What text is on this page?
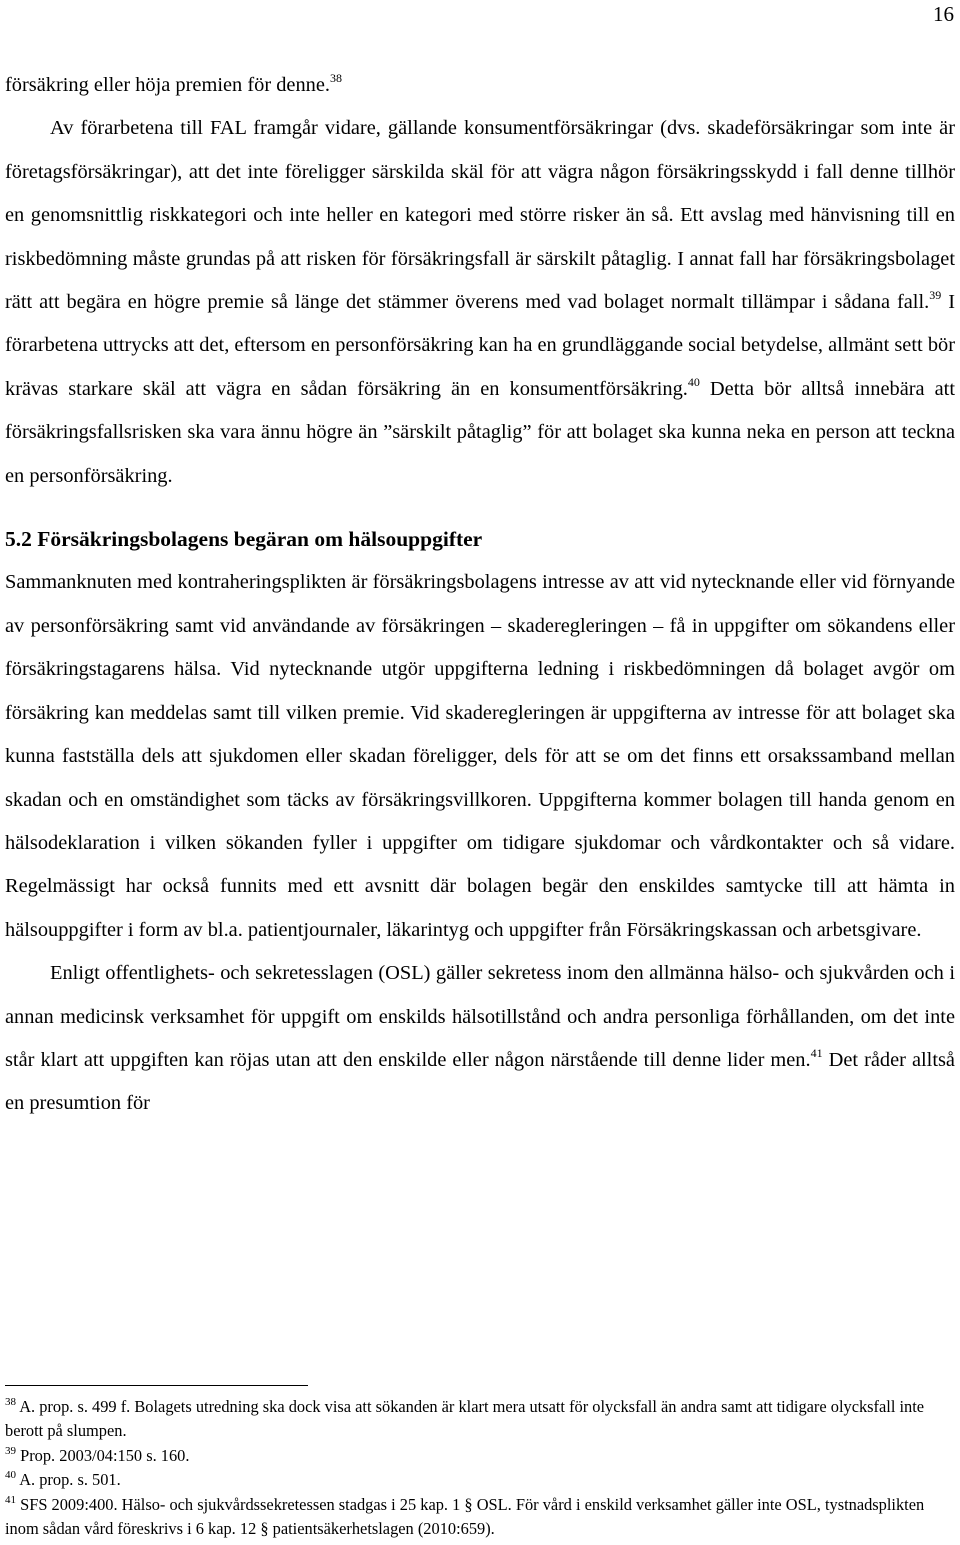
16

försäkring eller höja premien för denne.$^{38}$

Av förarbetena till FAL framgår vidare, gällande konsumentförsäkringar (dvs. skadeförsäkringar som inte är företagsförsäkringar), att det inte föreligger särskilda skäl för att vägra någon försäkringsskydd i fall denne tillhör en genomsnittlig riskkategori och inte heller en kategori med större risker än så. Ett avslag med hänvisning till en riskbedömning måste grundas på att risken för försäkringsfall är särskilt påtaglig. I annat fall har försäkringsbolaget rätt att begära en högre premie så länge det stämmer överens med vad bolaget normalt tillämpar i sådana fall.$^{39}$ I förarbetena uttrycks att det, eftersom en personförsäkring kan ha en grundläggande social betydelse, allmänt sett bör krävas starkare skäl att vägra en sådan försäkring än en konsumentförsäkring.$^{40}$ Detta bör alltså innebära att försäkringsfallsrisken ska vara ännu högre än ”särskilt påtaglig” för att bolaget ska kunna neka en person att teckna en personförsäkring.

5.2 Försäkringsbolagens begäran om hälsouppgifter

Sammanknuten med kontraheringsplikten är försäkringsbolagens intresse av att vid nytecknande eller vid förnyande av personförsäkring samt vid användande av försäkringen – skaderegleringen – få in uppgifter om sökandens eller försäkringstagarens hälsa. Vid nytecknande utgör uppgifterna ledning i riskbedömningen då bolaget avgör om försäkring kan meddelas samt till vilken premie. Vid skaderegleringen är uppgifterna av intresse för att bolaget ska kunna fastställa dels att sjukdomen eller skadan föreligger, dels för att se om det finns ett orsakssamband mellan skadan och en omständighet som täcks av försäkringsvillkoren. Uppgifterna kommer bolagen till handa genom en hälsodeklaration i vilken sökanden fyller i uppgifter om tidigare sjukdomar och vårdkontakter och så vidare. Regelmässigt har också funnits med ett avsnitt där bolagen begär den enskildes samtycke till att hämta in hälsouppgifter i form av bl.a. patientjournaler, läkarintyg och uppgifter från Försäkringskassan och arbetsgivare.

Enligt offentlighets- och sekretesslagen (OSL) gäller sekretess inom den allmänna hälso- och sjukvården och i annan medicinsk verksamhet för uppgift om enskilds hälsotillstånd och andra personliga förhållanden, om det inte står klart att uppgiften kan röjas utan att den enskilde eller någon närstående till denne lider men.$^{41}$ Det råder alltså en presumtion för

$^{38}$ A. prop. s. 499 f. Bolagets utredning ska dock visa att sökanden är klart mera utsatt för olycksfall än andra samt att tidigare olycksfall inte berott på slumpen.

$^{39}$ Prop. 2003/04:150 s. 160.

$^{40}$ A. prop. s. 501.

$^{41}$ SFS 2009:400. Hälso- och sjukvårdssekretessen stadgas i 25 kap. 1 § OSL. För vård i enskild verksamhet gäller inte OSL, tystnadsplikten inom sådan vård föreskrivs i 6 kap. 12 § patientsäkerhetslagen (2010:659).
